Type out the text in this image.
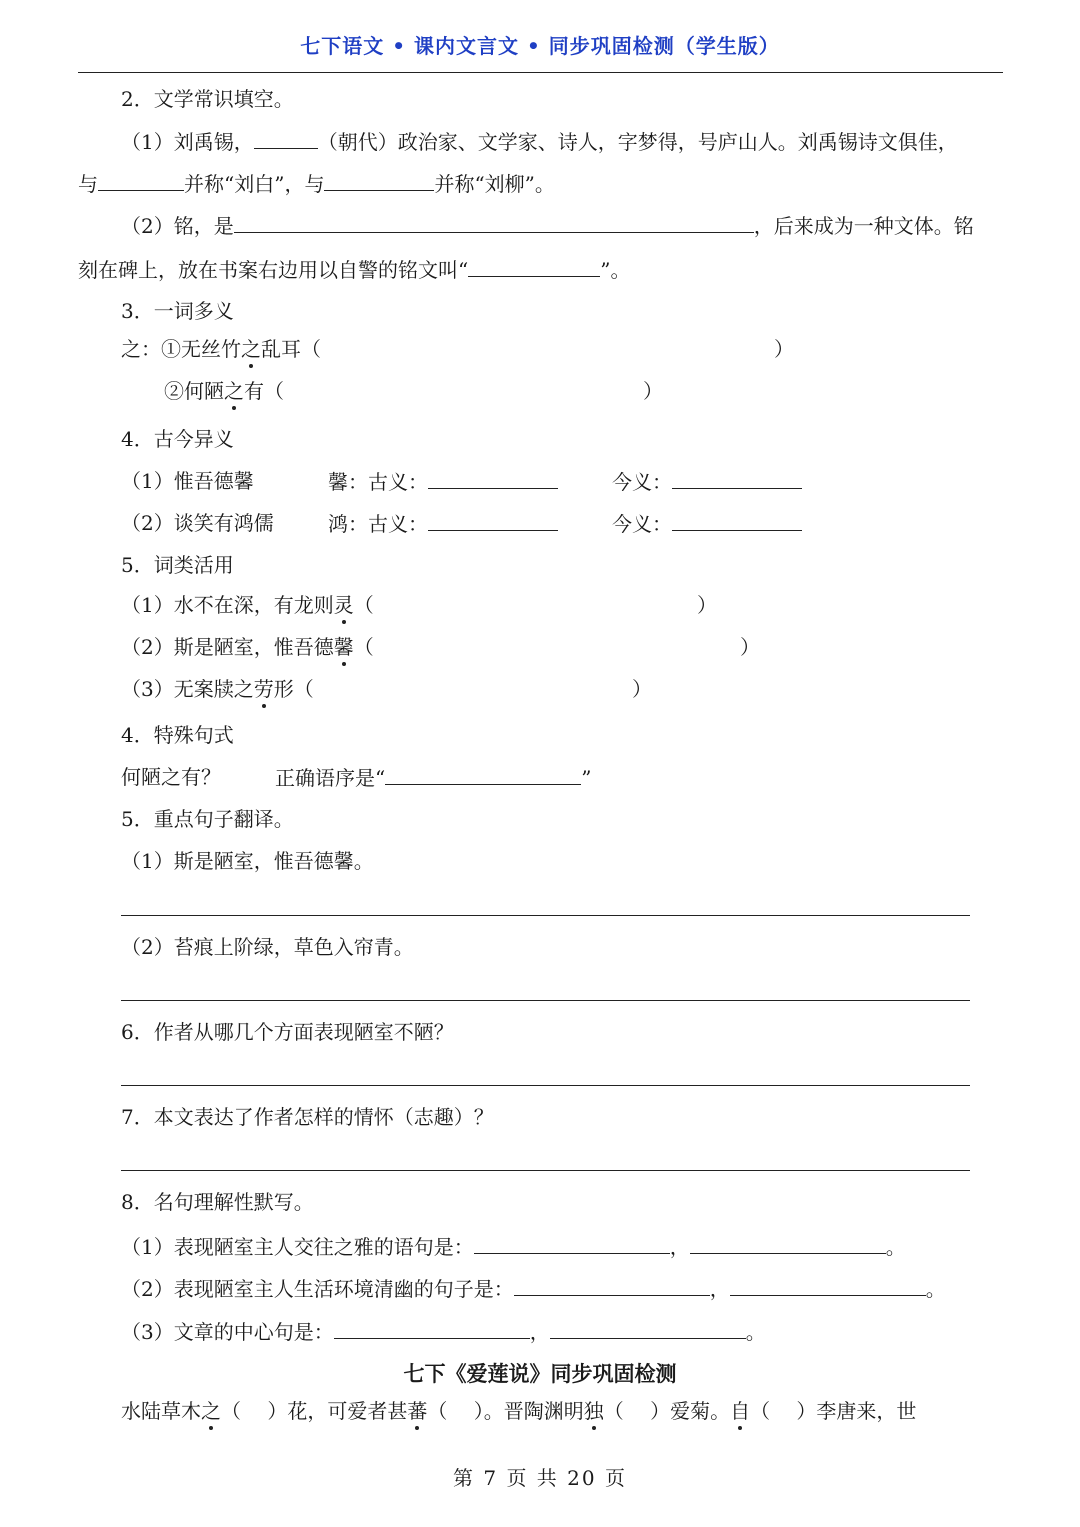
七下语文 • 课内文言文 • 同步巩固检测（学生版）
2．文学常识填空。
（1）刘禹锡，	（朝代）政治家、文学家、诗人，字梦得，号庐山人。刘禹锡诗文俱佳，
与	并称“刘白”，与	并称“刘柳”。
（2）铭，是	，后来成为一种文体。铭
刻在碑上，放在书案右边用以自警的铭文叫“	”。
3．一词多义
之：①无丝竹之乱耳（	）
②何陋之有（	）
4．古今异义
（1）惟吾德馨	馨：古义：	今义：
（2）谈笑有鸿儒	鸿：古义：	今义：
5．词类活用
（1）水不在深，有龙则灵（	）
（2）斯是陋室，惟吾德馨（	）
（3）无案牍之劳形（	）
4．特殊句式
何陋之有？	正确语序是“	”
5．重点句子翻译。
（1）斯是陋室，惟吾德馨。
（2）苔痕上阶绿，草色入帘青。
6．作者从哪几个方面表现陋室不陋？
7．本文表达了作者怎样的情怀（志趣）？
8．名句理解性默写。
（1）表现陋室主人交往之雅的语句是：	，	。
（2）表现陋室主人生活环境清幽的句子是：	，	。
（3）文章的中心句是：	，	。
七下《爱莲说》同步巩固检测
水陆草木之（　 ）花，可爱者甚蕃（　 ）。晋陶渊明独（　 ）爱菊。自（　 ）李唐来，世
第 7 页 共 20 页
